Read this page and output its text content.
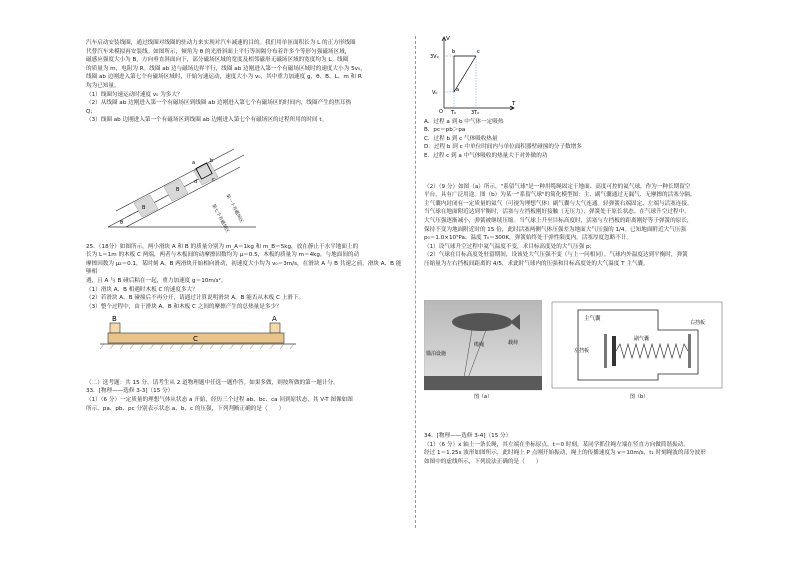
汽车启动安装线圈，通过线圈对线圈的驻动力来实现对汽车减速的目的。我们用单匝面积长为 L 的正方形线圈

代替汽车来模拟再安装线。如图所示，倾角为 θ 的光滑斜面上平行等间隔分布着许多个等形匀强磁场区域，

磁感应强度大小为 B，方向垂直斜面向下，部分磁场区域的宽度及相邻磁形无磁场区域的宽度均为 L。线圈

的质量为 m，电阻为 R。线圈 ab 边与磁场边界平行，线圈 ab 边刚进入第一个有磁场区域时的速度大小为 5v₀，

线圈 ab 边刚进入第七个有磁场区域时，开始匀速运动，速度大小为 v₀，其中重力加速度 g，θ、B、L、m 和 R

均为已知量。

（1）线圈匀速运动时速度 v₀ 为多大？

（2）从线圈 ab 边刚进入第一个有磁场区到线圈 ab 边刚进入第七个有磁场区的时间内，线圈产生的焦耳热

Q；

（3）线圈 ab 边刚进入第一个有磁场区到线圈 ab 边刚进入第七个有磁场区的过程所用的时间 t。

a	b
c
d
B
B
θ	第一个有磁场区
第七个有磁场区

25．（18分）如图所示，两小滑块 A 和 B 的质量分别为 m_A＝1kg 和 m_B＝5kg，放在静止于水平地面上的

长为 L＝1m 的木板 C 两端，两者与木板间的动摩擦因数均为 μ＝0.5，木板的质量为 m＝4kg，与地面间的动

摩擦因数为 μ₂＝0.1，某时刻 A、B 两滑块开始相向滑动，初速度大小均为 v₀＝3m/s，在滑块 A 与 B 共速之前，滑块 A、B 能够相

遇，且 A 与 B 碰后粘在一起，重力加速度 g＝10m/s²。

（1）滑块 A、B 相遇时木板 C 的速度多大？

（2）若滑块 A、B 碰撞后不再分开，请通过计算说明滑块 A、B 能否从木板 C 上滑下。

（3）整个过程中，由于滑块 A、B 和木板 C 之间的摩擦产生的总热量是多少？

B	A
C

（二）选考题：共 15 分。请考生从 2 道物理题中任选一题作答。如果多做，则按所做的第一题计分。

33．[物理——选修 3-3]（15 分）

（1）（6 分）一定质量的理想气体从状态 a 开始，经历三个过程 ab、bc、ca 回到原状态，其 V-T 图像如图

所示，pa、pb、pc 分别表示状态 a、b、c 的压强，下列判断正确的是（　　）

V
T
3V₀
V₀
T₀	3T₀
O
a
b	c

A．过程 a 到 b 中气体一定吸热

B．pc＝pb＞pa

C．过程 b 到 c 气体吸收热量

D．过程 b 到 c 中单位时间内与单位面积器壁碰撞的分子数增多

E．过程 c 到 a 中气体吸收的热量大于对外做的功

（2）（9 分）如图（a）所示，"系留气球"是一种用缆绳固定于地面、高度可控的氦气球，作为一种长期留空

平台，具有广泛用途。图（b）为某一"系留气球"的简化模型图：主、副气囊通过无漏气、无摩擦的活塞分隔，

主气囊内封闭有一定质量的氦气（可视为理想气体）副气囊与大气连通。轻弹簧右端固定、左端与活塞连接。

当气球在地面附近达到平衡时，活塞与左挡板刚好接触（无压力），弹簧处于原长状态。在气球升空过程中，

大气压强逐渐减小，弹簧被继续压缩。当气球上升至目标高度时，活塞与左挡板的距离刚好等于弹簧的原长，

保持不变为地面附近时的 15 倍，此时活塞两侧气体压强差为地面大气压强的 1/4。已知地面附近大气压强

p₀＝1.0×10⁵Pa、温度 T₀＝300K，弹簧始终处于弹性限度内，活塞厚度忽略不计。

（1）设气球升空过程中氦气温度不变，求目标高度处的大气压强 p；

（2）气球在目标高度处驻留期间，设该处大气压强不变（与上一问相同）。气球内外温度达到平衡时，弹簧

压缩量为左右挡板间距离的 4/5，求此时气球内的压强和目标高度处的大气温度 T 主气囊。

锚泊设施
缆绳	载荷
图（a）
主气囊
左挡板
副气囊
右挡板
图（b）

34．[物理——选修 3-4]（15 分）

（1）（6 分）x 轴上一条长绳，其左端在坐标原点，t＝0 时刻，某同学抓住绳左端在竖直方向做简谐振动，

经过 1＝1.25s 波形如图所示，此时绳上 P 点刚开始振动，绳上的传播速度为 v＝10m/s，t₁ 时刻绳波的部分波形

如图中的虚线所示，下列说法正确的是（　　）
